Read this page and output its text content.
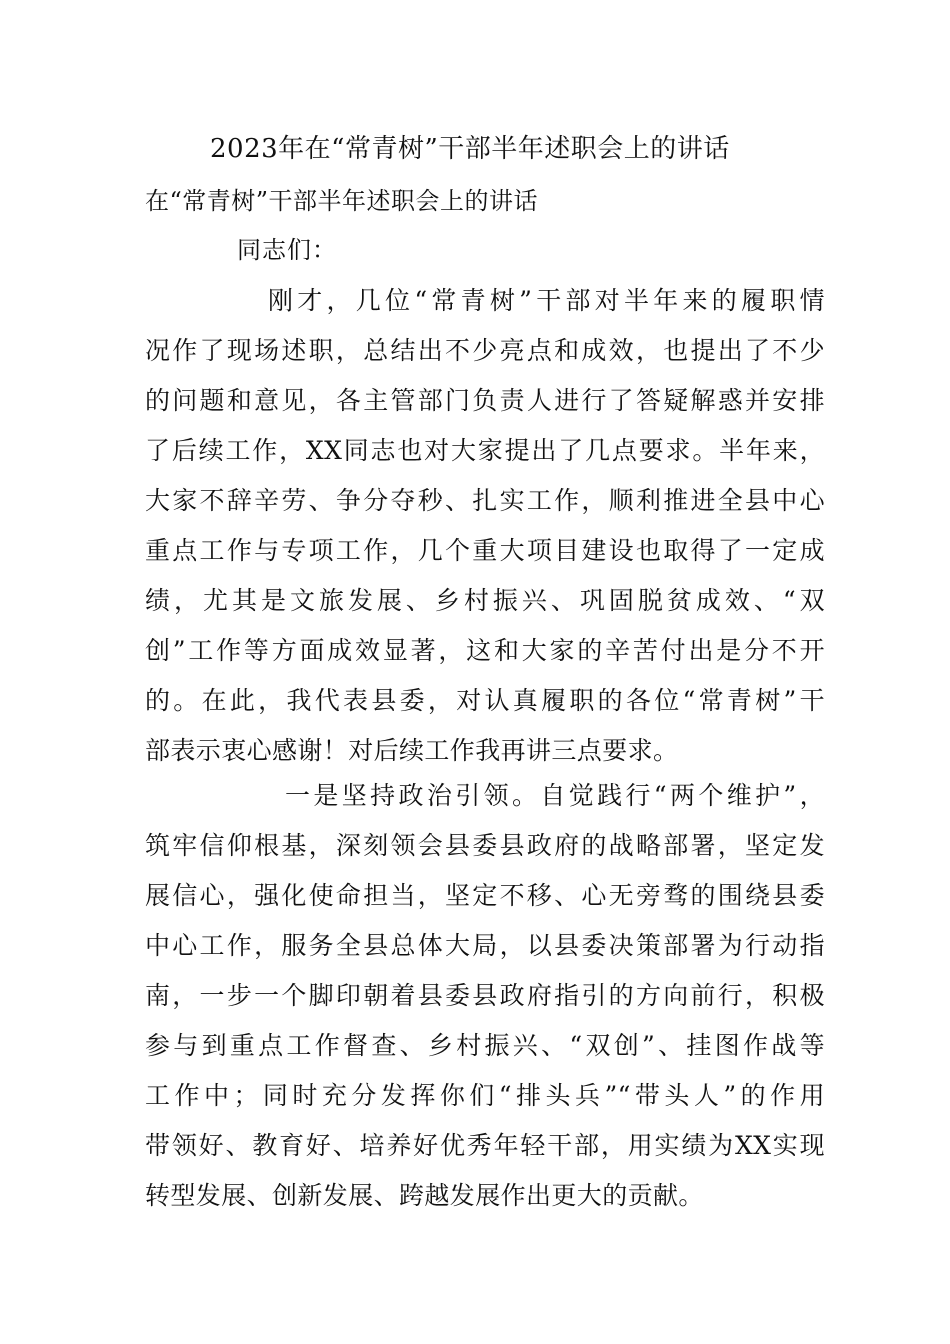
2023年在“常青树”干部半年述职会上的讲话
在“常青树”干部半年述职会上的讲话
同志们：
刚才，几位“常青树”干部对半年来的履职情
况作了现场述职，总结出不少亮点和成效，也提出了不少
的问题和意见，各主管部门负责人进行了答疑解惑并安排
了后续工作，XX同志也对大家提出了几点要求。半年来，
大家不辞辛劳、争分夺秒、扎实工作，顺利推进全县中心
重点工作与专项工作，几个重大项目建设也取得了一定成
绩，尤其是文旅发展、乡村振兴、巩固脱贫成效、“双
创”工作等方面成效显著，这和大家的辛苦付出是分不开
的。在此，我代表县委，对认真履职的各位“常青树”干
部表示衷心感谢！对后续工作我再讲三点要求。
一是坚持政治引领。自觉践行“两个维护”，
筑牢信仰根基，深刻领会县委县政府的战略部署，坚定发
展信心，强化使命担当，坚定不移、心无旁骛的围绕县委
中心工作，服务全县总体大局，以县委决策部署为行动指
南，一步一个脚印朝着县委县政府指引的方向前行，积极
参与到重点工作督查、乡村振兴、“双创”、挂图作战等
工作中；同时充分发挥你们“排头兵”“带头人”的作用
带领好、教育好、培养好优秀年轻干部，用实绩为XX实现
转型发展、创新发展、跨越发展作出更大的贡献。
